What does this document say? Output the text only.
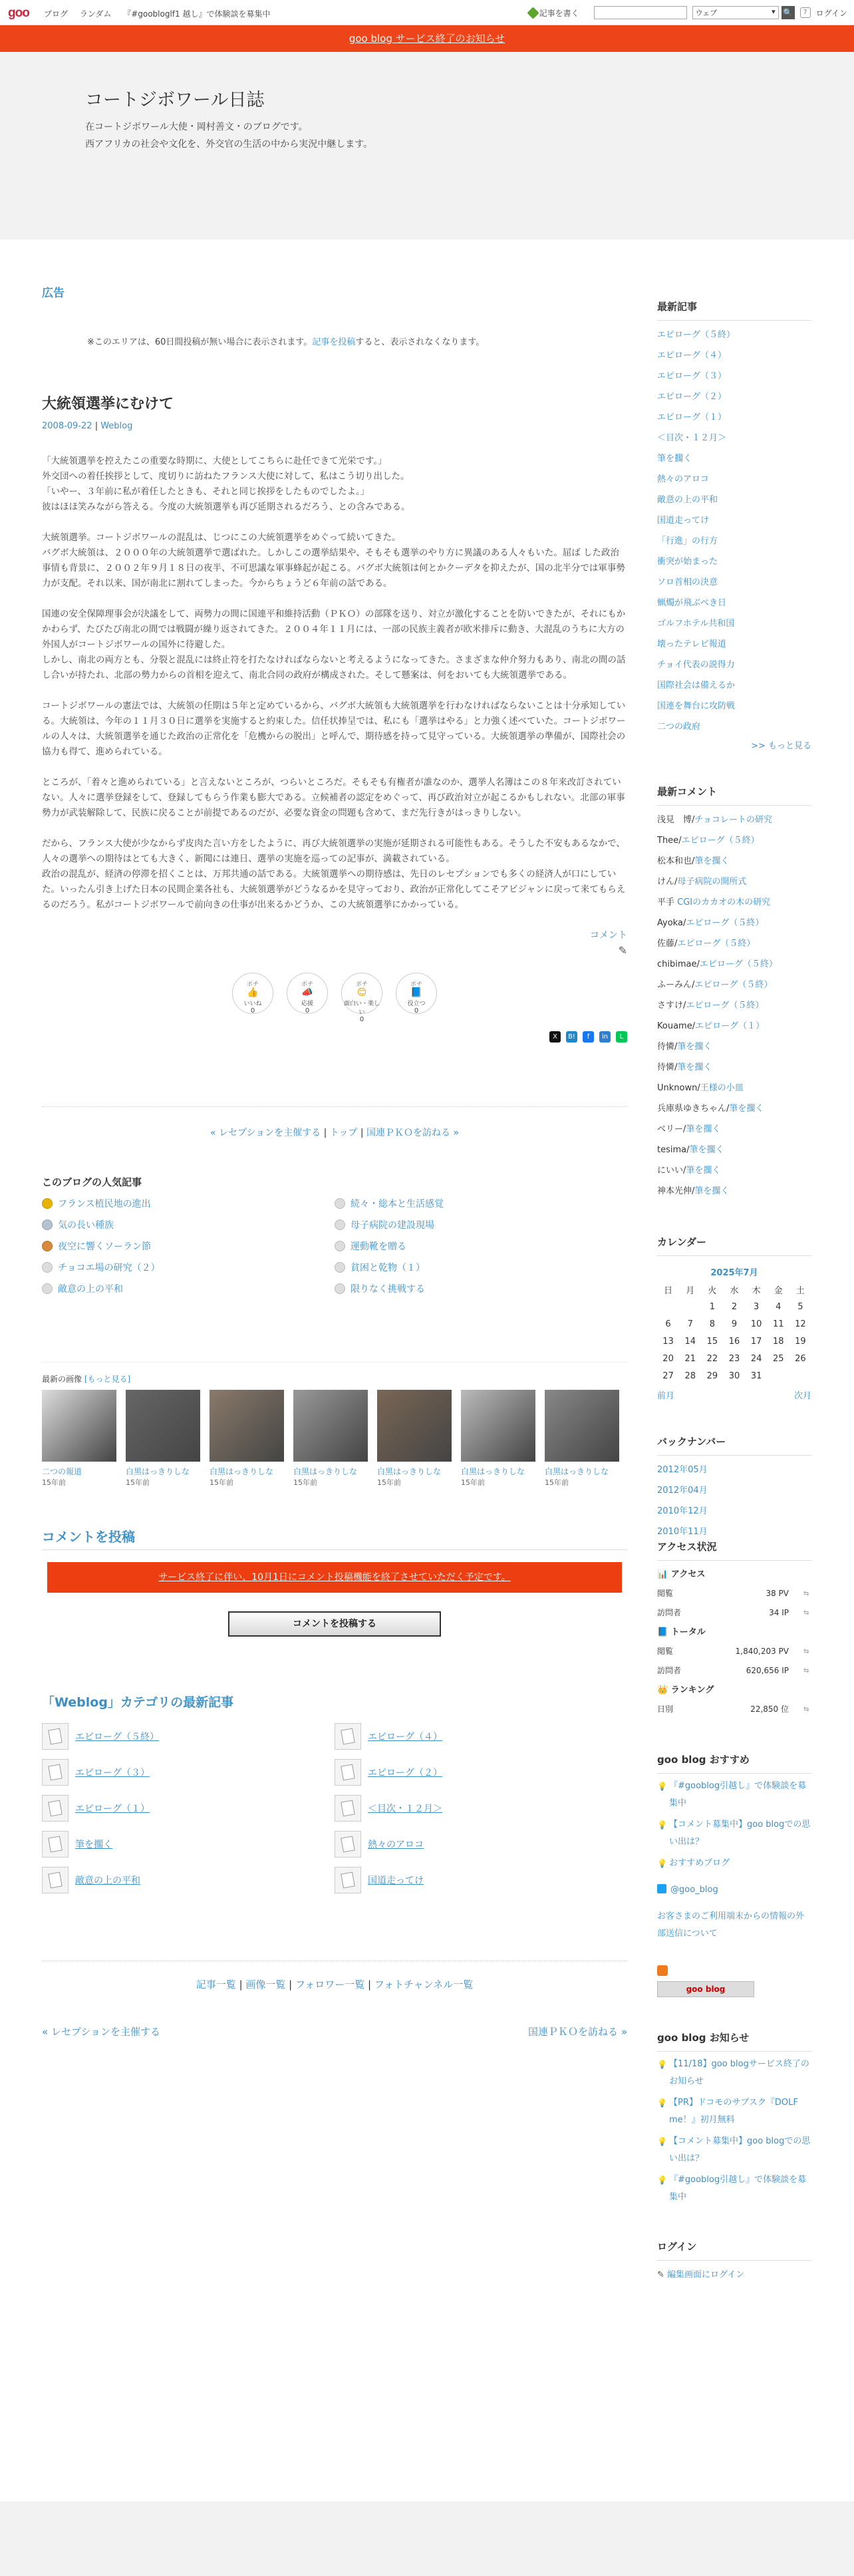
goo ブログ ランダム 『#goobloglf1 越し』で体験談を募集中	記事を書く	ウェブ ▾	🔍	?	ログイン
goo blog サービス終了のお知らせ
コートジボワール日誌
在コートジボワール大使・岡村善文・のブログです。
西アフリカの社会や文化を、外交官の生活の中から実況中継します。
広告
※このエリアは、60日間投稿が無い場合に表示されます。記事を投稿すると、表示されなくなります。
大統領選挙にむけて
2008-09-22 | Weblog

「大統領選挙を控えたこの重要な時期に、大使としてこちらに赴任できて光栄です。」
外交団への着任挨拶として、度切りに訪ねたフランス大使に対して、私はこう切り出した。
「いやー、３年前に私が着任したときも、それと同じ挨拶をしたものでしたよ。」
彼はほほ笑みながら答える。今度の大統領選挙も再び延期されるだろう、との含みである。

大統領選挙。コートジボワールの混乱は、じつにこの大統領選挙をめぐって続いてきた。
バグボ大統領は、２０００年の大統領選挙で選ばれた。しかしこの選挙結果や、そもそも選挙のやり方に異議のある人々もいた。屈ば した政治事情も背景に、２００２年９月１８日の夜半、不可思議な軍事蜂起が起こる。バグボ大統領は何とかクーデタを抑えたが、国の北半分では軍事勢力が支配。それ以来、国が南北に割れてしまった。今からちょうど６年前の話である。

国連の安全保障理事会が決議をして、両勢力の間に国連平和維持活動（ＰＫＯ）の部隊を送り、対立が激化することを防いできたが、それにもかかわらず、たびたび南北の間では戦闘が繰り返されてきた。２００４年１１月には、一部の民族主義者が欧米排斥に動き、大混乱のうちに大方の外国人がコートジボワールの国外に待避した。
しかし、南北の両方とも、分裂と混乱には終止符を打たなければならないと考えるようになってきた。さまざまな仲介努力もあり、南北の間の話し合いが持たれ、北部の勢力からの首相を迎えて、南北合同の政府が構成された。そして懸案は、何をおいても大統領選挙である。

コートジボワールの憲法では、大統領の任期は５年と定めているから、バグボ大統領も大統領選挙を行わなければならないことは十分承知している。大統領は、今年の１１月３０日に選挙を実施すると約束した。信任状捧呈では、私にも「選挙はやる」と力強く述べていた。コートジボワールの人々は、大統領選挙を通じた政治の正常化を「危機からの脱出」と呼んで、期待感を持って見守っている。大統領選挙の準備が、国際社会の協力も得て、進められている。

ところが、「着々と進められている」と言えないところが、つらいところだ。そもそも有権者が誰なのか、選挙人名簿はこの８年来改訂されていない。人々に選挙登録をして、登録してもらう作業も膨大である。立候補者の認定をめぐって、再び政治対立が起こるかもしれない。北部の軍事勢力が武装解除して、民族に戻ることが前提であるのだが、必要な資金の問題も含めて、まだ先行きがはっきりしない。

だから、フランス大使が少なからず皮肉た言い方をしたように、再び大統領選挙の実施が延期される可能性もある。そうした不安もあるなかで、人々の選挙への期待はとても大きく、新聞には連日、選挙の実施を巡っての記事が、満載されている。
政治の混乱が、経済の停滞を招くことは、万邦共通の話である。大統領選挙への期待感は、先日のレセプションでも多くの経済人が口にしていた。いったん引き上げた日本の民間企業各社も、大統領選挙がどうなるかを見守っており、政治が正常化してこそアビジャンに戻って来てもらえるのだろう。私がコートジボワールで前向きの仕事が出来るかどうか、この大統領選挙にかかっている。

コメント
✎
ポチ
👍
いいね
0
ポチ
📣
応援
0
ポチ
😊
面白い・楽しい
0
ポチ
📘
役立つ
0
X	B!	f	in	L
« レセプションを主催する | トップ | 国連ＰＫＯを訪ねる »
このブログの人気記事
フランス植民地の進出	続々・総本と生活感覚
気の長い種族	母子病院の建設現場
夜空に響くソーラン節	運動靴を贈る
チョコエ場の研究（２）	貧困と乾物（１）
敵意の上の平和	限りなく挑戦する
最新の画像 [もっと見る]
二つの報道
15年前
白黒はっきりしな
15年前
白黒はっきりしな
15年前
白黒はっきりしな
15年前
白黒はっきりしな
15年前
白黒はっきりしな
15年前
白黒はっきりしな
15年前
コメントを投稿
サービス終了に伴い、10月1日にコメント投稿機能を終了させていただく予定です。
コメントを投稿する
「Weblog」カテゴリの最新記事
エピローグ（５終）	エピローグ（４）
エピローグ（３）	エピローグ（２）
エピローグ（１）	＜目次・１２月＞
筆を擱く	熱々のアロコ
敵意の上の平和	国道走ってけ
記事一覧 | 画像一覧 | フォロワー一覧 | フォトチャンネル一覧
« レセプションを主催する	国連ＰＫＯを訪ねる »
最新記事
エピローグ（５終）
エピローグ（４）
エピローグ（３）
エピローグ（２）
エピローグ（１）
＜目次・１２月＞
筆を擱く
熱々のアロコ
敵意の上の平和
国道走ってけ
「行進」の行方
衝突が始まった
ソロ首相の決意
蝋燭が飛ぶべき日
ゴルフホテル共和国
壊ったテレビ報道
チョイ代表の説得力
国際社会は備えるか
国連を舞台に攻防戦
二つの政府
>> もっと見る
最新コメント
浅見　博/チョコレートの研究
Thee/エピローグ（５終）
松本和也/筆を擱く
けん/母子病院の開所式
平手 CGIのカカオの木の研究
Ayoka/エピローグ（５終）
佐藤/エピローグ（５終）
chibimae/エピローグ（５終）
ふーみん/エピローグ（５終）
さすけ/エピローグ（５終）
Kouame/エピローグ（１）
待憐/筆を擱く
待憐/筆を擱く
Unknown/王様の小皿
兵庫県ゆきちゃん/筆を擱く
ベリー/筆を擱く
tesima/筆を擱く
にいい/筆を擱く
神本光伸/筆を擱く
カレンダー
2025年7月
日	月	火	水	木	金	土
		1	2	3	4	5
6	7	8	9	10	11	12
13	14	15	16	17	18	19
20	21	22	23	24	25	26
27	28	29	30	31		
前月	次月
バックナンバー
2012年05月
2012年04月
2010年12月
2010年11月
アクセス状況
📊 アクセス
閲覧	38 PV ⇆
訪問者	34 IP ⇆
📘 トータル
閲覧	1,840,203 PV ⇆
訪問者	620,656 IP ⇆
👑 ランキング
日別	22,850 位 ⇆
goo blog おすすめ
💡 『#gooblog引越し』で体験談を募集中
💡 【コメント募集中】goo blogでの思い出は？
💡 おすすめブログ
@goo_blog
お客さまのご利用端末からの情報の外部送信について
goo blog
goo blog お知らせ
💡 【11/18】goo blogサービス終了のお知らせ
💡 【PR】ドコモのサブスク『DOLF me！』初月無料
💡 【コメント募集中】goo blogでの思い出は？
💡 『#gooblog引越し』で体験談を募集中
ログイン
✎ 編集画面にログイン
